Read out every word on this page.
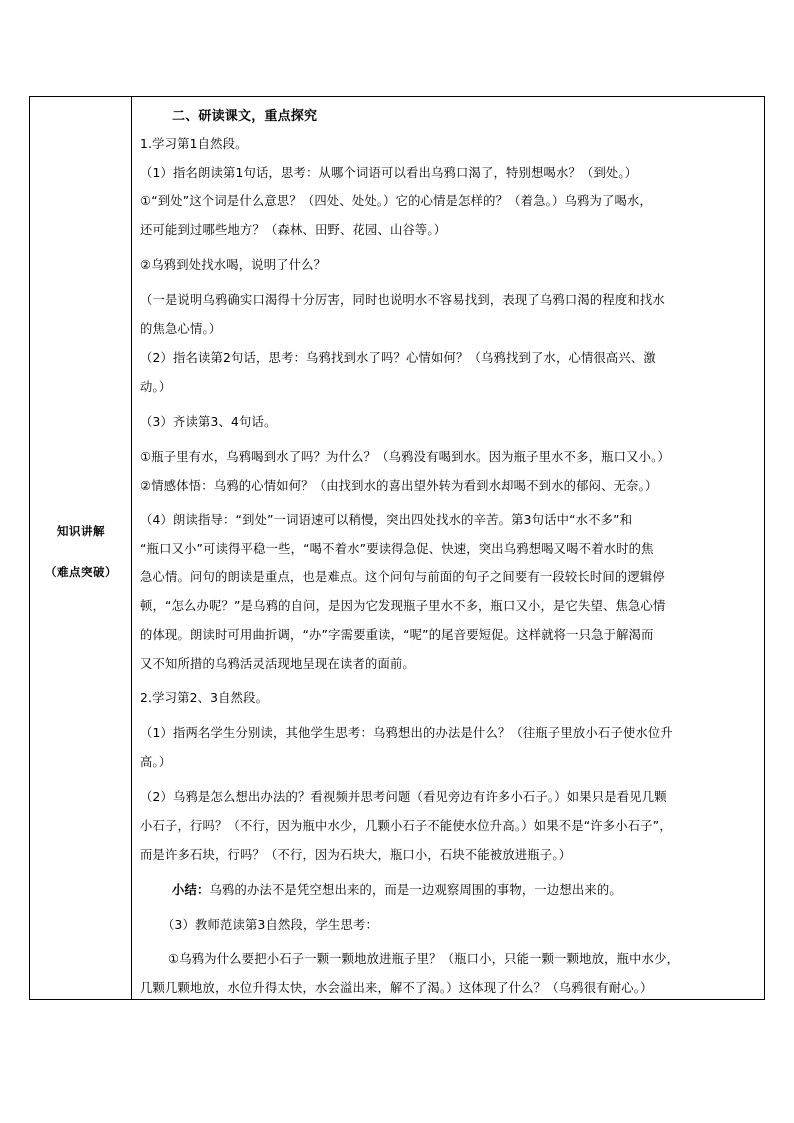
知识讲解
（难点突破）
二、研读课文，重点探究
1.学习第1自然段。
（1）指名朗读第1句话，思考：从哪个词语可以看出乌鸦口渴了，特别想喝水？（到处。）
①“到处”这个词是什么意思？（四处、处处。）它的心情是怎样的？（着急。）乌鸦为了喝水，
还可能到过哪些地方？（森林、田野、花园、山谷等。）
②乌鸦到处找水喝，说明了什么？
（一是说明乌鸦确实口渴得十分厉害，同时也说明水不容易找到，表现了乌鸦口渴的程度和找水
的焦急心情。）
（2）指名读第2句话，思考：乌鸦找到水了吗？心情如何？（乌鸦找到了水，心情很高兴、激
动。）
（3）齐读第3、4句话。
①瓶子里有水，乌鸦喝到水了吗？为什么？（乌鸦没有喝到水。因为瓶子里水不多，瓶口又小。）
②情感体悟：乌鸦的心情如何？（由找到水的喜出望外转为看到水却喝不到水的郁闷、无奈。）
（4）朗读指导：“到处”一词语速可以稍慢，突出四处找水的辛苦。第3句话中“水不多”和
“瓶口又小”可读得平稳一些，“喝不着水”要读得急促、快速，突出乌鸦想喝又喝不着水时的焦
急心情。问句的朗读是重点，也是难点。这个问句与前面的句子之间要有一段较长时间的逻辑停
顿，“怎么办呢？”是乌鸦的自问，是因为它发现瓶子里水不多，瓶口又小，是它失望、焦急心情
的体现。朗读时可用曲折调，“办”字需要重读，“呢”的尾音要短促。这样就将一只急于解渴而
又不知所措的乌鸦活灵活现地呈现在读者的面前。
2.学习第2、3自然段。
（1）指两名学生分别读，其他学生思考：乌鸦想出的办法是什么？（往瓶子里放小石子使水位升
高。）
（2）乌鸦是怎么想出办法的？看视频并思考问题（看见旁边有许多小石子。）如果只是看见几颗
小石子，行吗？（不行，因为瓶中水少，几颗小石子不能使水位升高。）如果不是“许多小石子”，
而是许多石块，行吗？（不行，因为石块大，瓶口小，石块不能被放进瓶子。）
小结：乌鸦的办法不是凭空想出来的，而是一边观察周围的事物，一边想出来的。
（3）教师范读第3自然段，学生思考：
①乌鸦为什么要把小石子一颗一颗地放进瓶子里？（瓶口小，只能一颗一颗地放，瓶中水少，
几颗几颗地放，水位升得太快，水会溢出来，解不了渴。）这体现了什么？（乌鸦很有耐心。）
